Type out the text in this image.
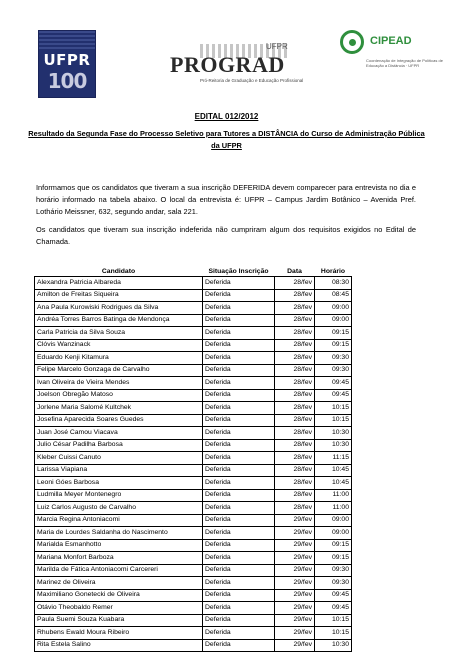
UFPR
100
UFPR
PROGRAD
Pró-Reitoria de Graduação e Educação Profissional
CIPEAD
Coordenação de Integração de Políticas de Educação a Distância · UFPR
EDITAL 012/2012
Resultado da Segunda Fase do Processo Seletivo para Tutores a DISTÂNCIA do Curso de Administração Pública da UFPR
Informamos que os candidatos que tiveram a sua inscrição DEFERIDA devem comparecer para entrevista no dia e horário informado na tabela abaixo. O local da entrevista é: UFPR – Campus Jardim Botânico – Avenida Pref. Lothário Meissner, 632, segundo andar, sala 221.
Os candidatos que tiveram sua inscrição indeferida não cumpriram algum dos requisitos exigidos no Edital de Chamada.
Candidato	Situação Inscrição	Data	Horário
Alexandra Patricia Albareda	Deferida	28/fev	08:30
Amilton de Freitas Siqueira	Deferida	28/fev	08:45
Ana Paula Kurowiski Rodrigues da Silva	Deferida	28/fev	09:00
Andréa Torres Barros Batinga de Mendonça	Deferida	28/fev	09:00
Carla Patricia da Silva Souza	Deferida	28/fev	09:15
Clóvis Wanzinack	Deferida	28/fev	09:15
Eduardo Kenji Kitamura	Deferida	28/fev	09:30
Felipe Marcelo Gonzaga de Carvalho	Deferida	28/fev	09:30
Ivan Oliveira de Vieira Mendes	Deferida	28/fev	09:45
Joelson Obregão Matoso	Deferida	28/fev	09:45
Jorlene Maria Salomé Kultchek	Deferida	28/fev	10:15
Josefina Aparecida Soares Guedes	Deferida	28/fev	10:15
Juan José Camou Viacava	Deferida	28/fev	10:30
Julio César Padilha Barbosa	Deferida	28/fev	10:30
Kleber Cuissi Canuto	Deferida	28/fev	11:15
Larissa Viapiana	Deferida	28/fev	10:45
Leoni Góes Barbosa	Deferida	28/fev	10:45
Ludmilla Meyer Montenegro	Deferida	28/fev	11:00
Luiz Carlos Augusto de Carvalho	Deferida	28/fev	11:00
Marcia Regina Antoniacomi	Deferida	29/fev	09:00
Maria de Lourdes Saldanha do Nascimento	Deferida	29/fev	09:00
Marialda Esmanhotto	Deferida	29/fev	09:15
Mariana Monfort Barboza	Deferida	29/fev	09:15
Marilda de Fática Antoniacomi Carcereri	Deferida	29/fev	09:30
Marinez de Oliveira	Deferida	29/fev	09:30
Maximiliano Gonetecki de Oliveira	Deferida	29/fev	09:45
Otávio Theobaldo Remer	Deferida	29/fev	09:45
Paula Suemi Souza Kuabara	Deferida	29/fev	10:15
Rhubens Ewald Moura Ribeiro	Deferida	29/fev	10:15
Rita Estela Salino	Deferida	29/fev	10:30
